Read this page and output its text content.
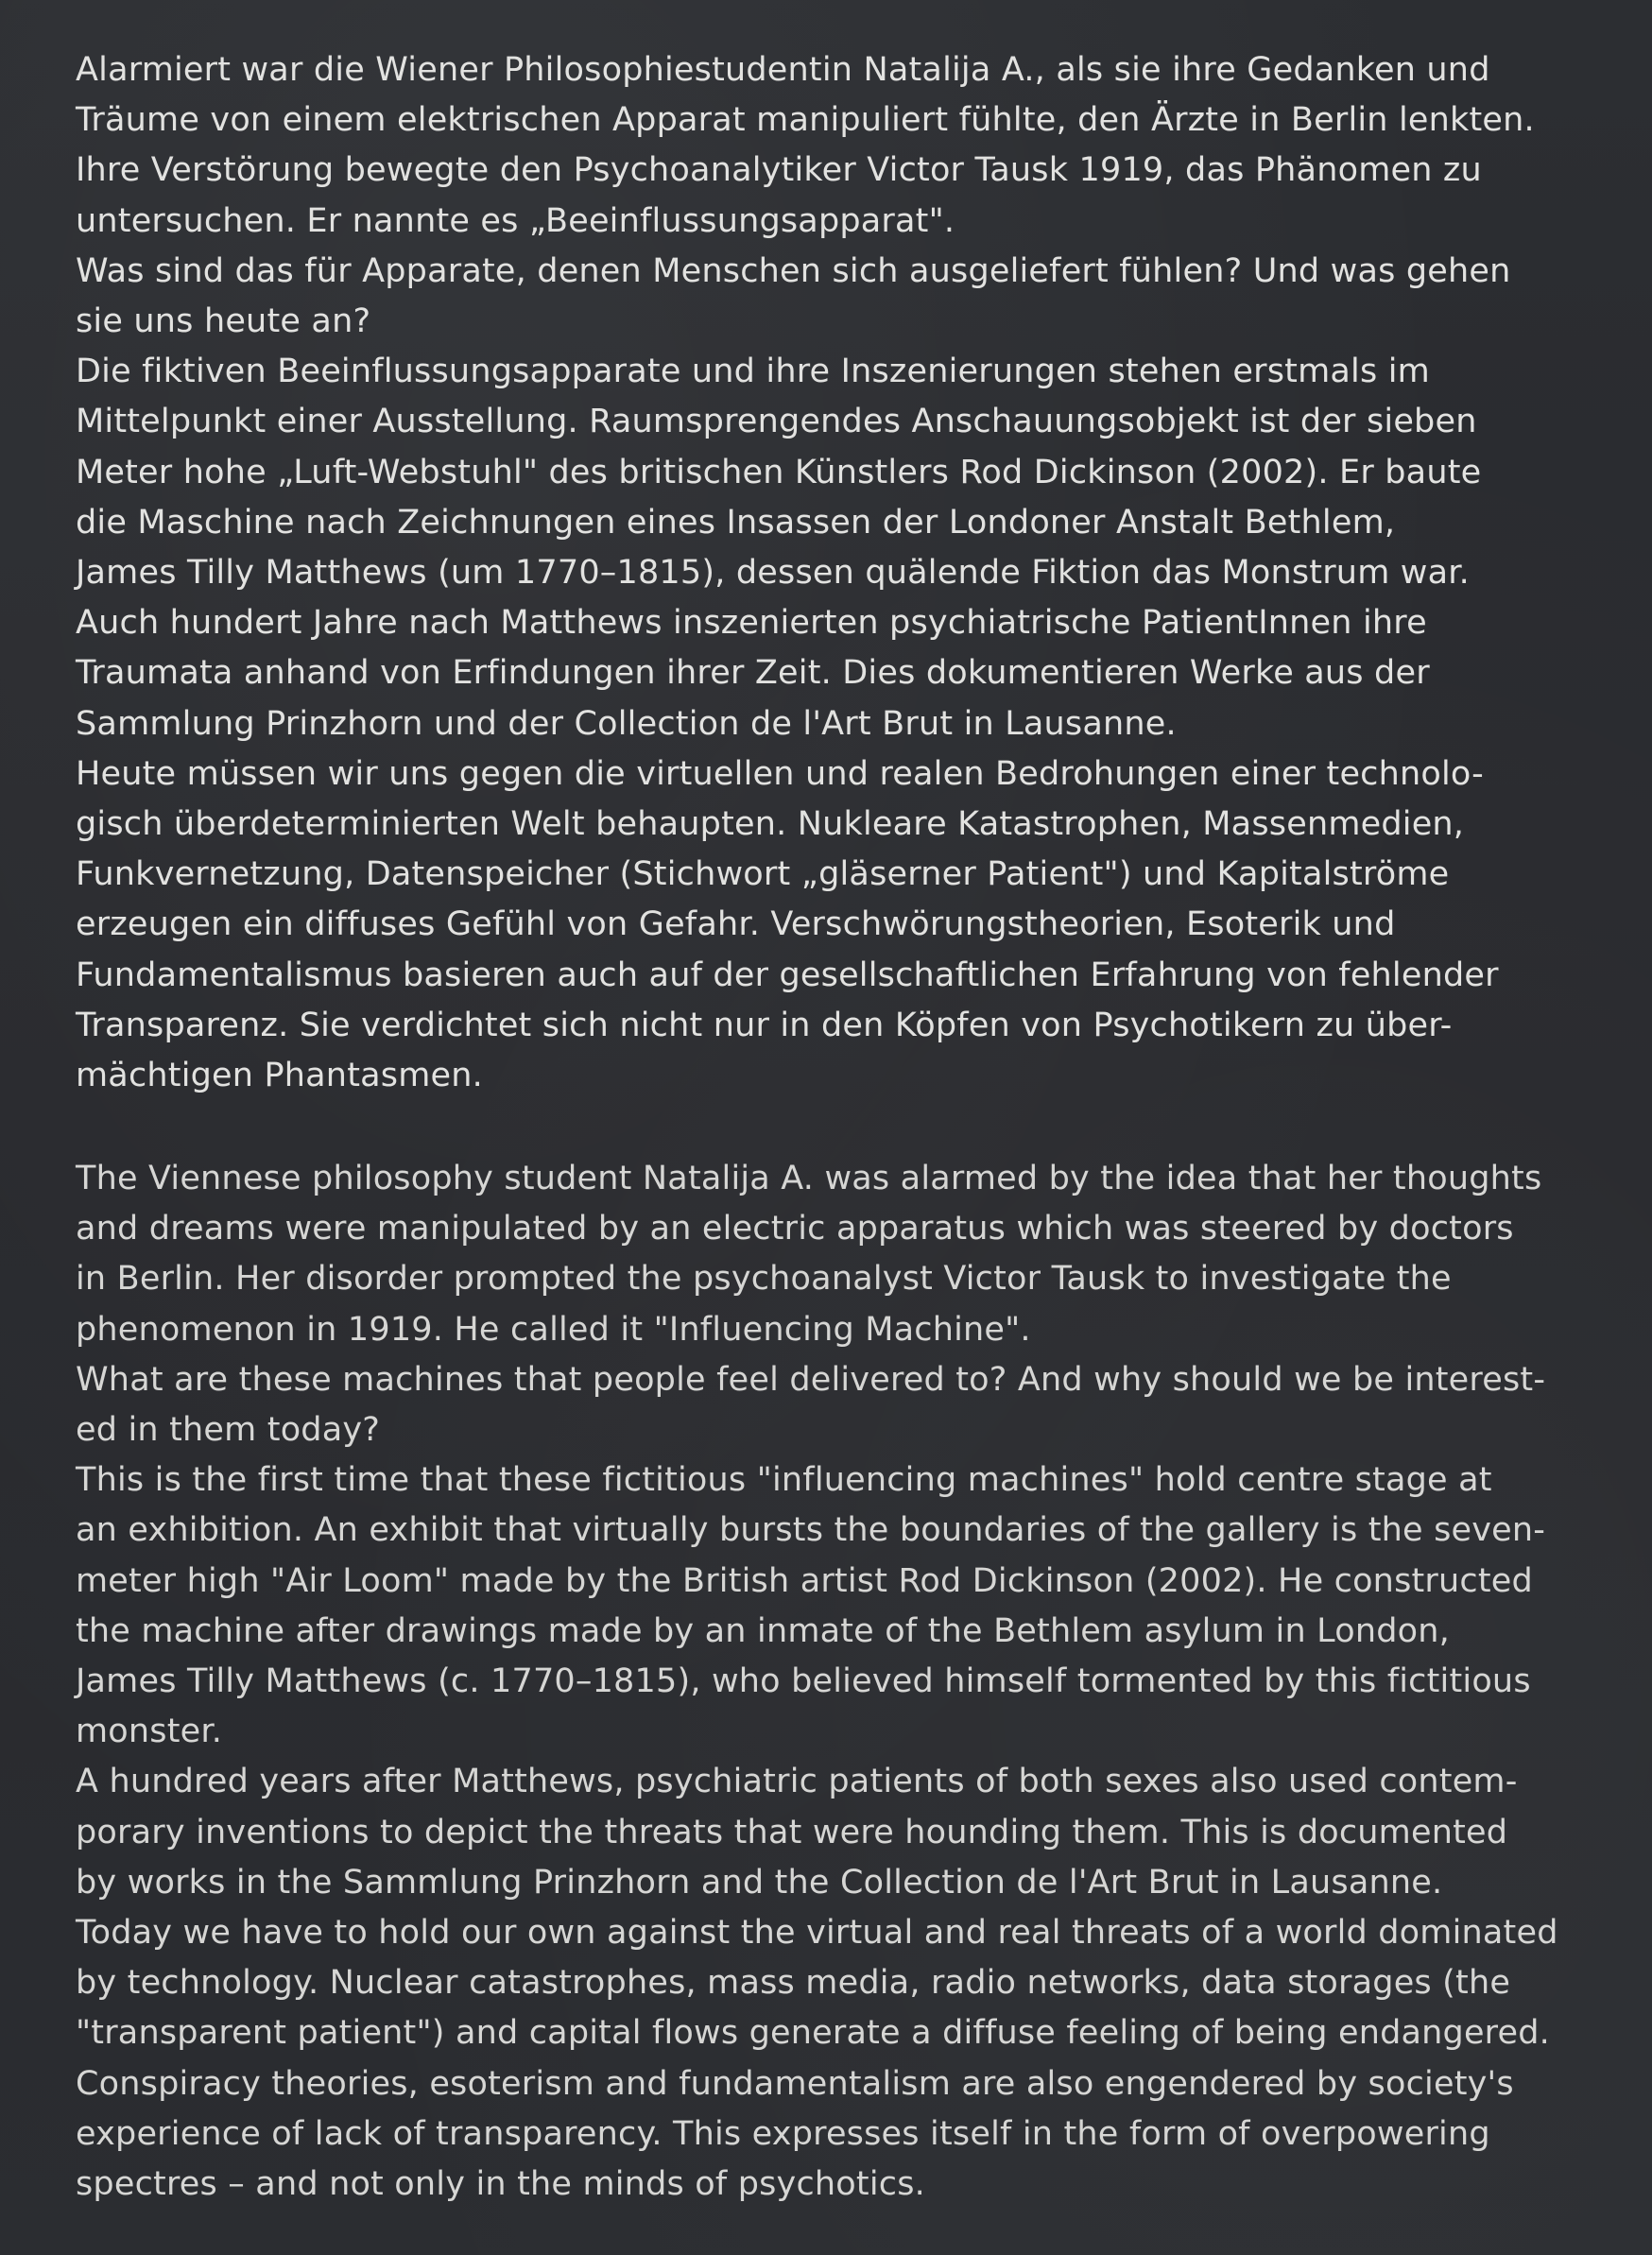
Alarmiert war die Wiener Philosophiestudentin Natalija A., als sie ihre Gedanken und
Träume von einem elektrischen Apparat manipuliert fühlte, den Ärzte in Berlin lenkten.
Ihre Verstörung bewegte den Psychoanalytiker Victor Tausk 1919, das Phänomen zu
untersuchen. Er nannte es „Beeinflussungsapparat".
Was sind das für Apparate, denen Menschen sich ausgeliefert fühlen? Und was gehen
sie uns heute an?
Die fiktiven Beeinflussungsapparate und ihre Inszenierungen stehen erstmals im
Mittelpunkt einer Ausstellung. Raumsprengendes Anschauungsobjekt ist der sieben
Meter hohe „Luft-Webstuhl" des britischen Künstlers Rod Dickinson (2002). Er baute
die Maschine nach Zeichnungen eines Insassen der Londoner Anstalt Bethlem,
James Tilly Matthews (um 1770–1815), dessen quälende Fiktion das Monstrum war.
Auch hundert Jahre nach Matthews inszenierten psychiatrische PatientInnen ihre
Traumata anhand von Erfindungen ihrer Zeit. Dies dokumentieren Werke aus der
Sammlung Prinzhorn und der Collection de l'Art Brut in Lausanne.
Heute müssen wir uns gegen die virtuellen und realen Bedrohungen einer technolo-
gisch überdeterminierten Welt behaupten. Nukleare Katastrophen, Massenmedien,
Funkvernetzung, Datenspeicher (Stichwort „gläserner Patient") und Kapitalströme
erzeugen ein diffuses Gefühl von Gefahr. Verschwörungstheorien, Esoterik und
Fundamentalismus basieren auch auf der gesellschaftlichen Erfahrung von fehlender
Transparenz. Sie verdichtet sich nicht nur in den Köpfen von Psychotikern zu über-
mächtigen Phantasmen.
The Viennese philosophy student Natalija A. was alarmed by the idea that her thoughts
and dreams were manipulated by an electric apparatus which was steered by doctors
in Berlin. Her disorder prompted the psychoanalyst Victor Tausk to investigate the
phenomenon in 1919. He called it "Influencing Machine".
What are these machines that people feel delivered to? And why should we be interest-
ed in them today?
This is the first time that these fictitious "influencing machines" hold centre stage at
an exhibition. An exhibit that virtually bursts the boundaries of the gallery is the seven-
meter high "Air Loom" made by the British artist Rod Dickinson (2002). He constructed
the machine after drawings made by an inmate of the Bethlem asylum in London,
James Tilly Matthews (c. 1770–1815), who believed himself tormented by this fictitious
monster.
A hundred years after Matthews, psychiatric patients of both sexes also used contem-
porary inventions to depict the threats that were hounding them. This is documented
by works in the Sammlung Prinzhorn and the Collection de l'Art Brut in Lausanne.
Today we have to hold our own against the virtual and real threats of a world dominated
by technology. Nuclear catastrophes, mass media, radio networks, data storages (the
"transparent patient") and capital flows generate a diffuse feeling of being endangered.
Conspiracy theories, esoterism and fundamentalism are also engendered by society's
experience of lack of transparency. This expresses itself in the form of overpowering
spectres – and not only in the minds of psychotics.
